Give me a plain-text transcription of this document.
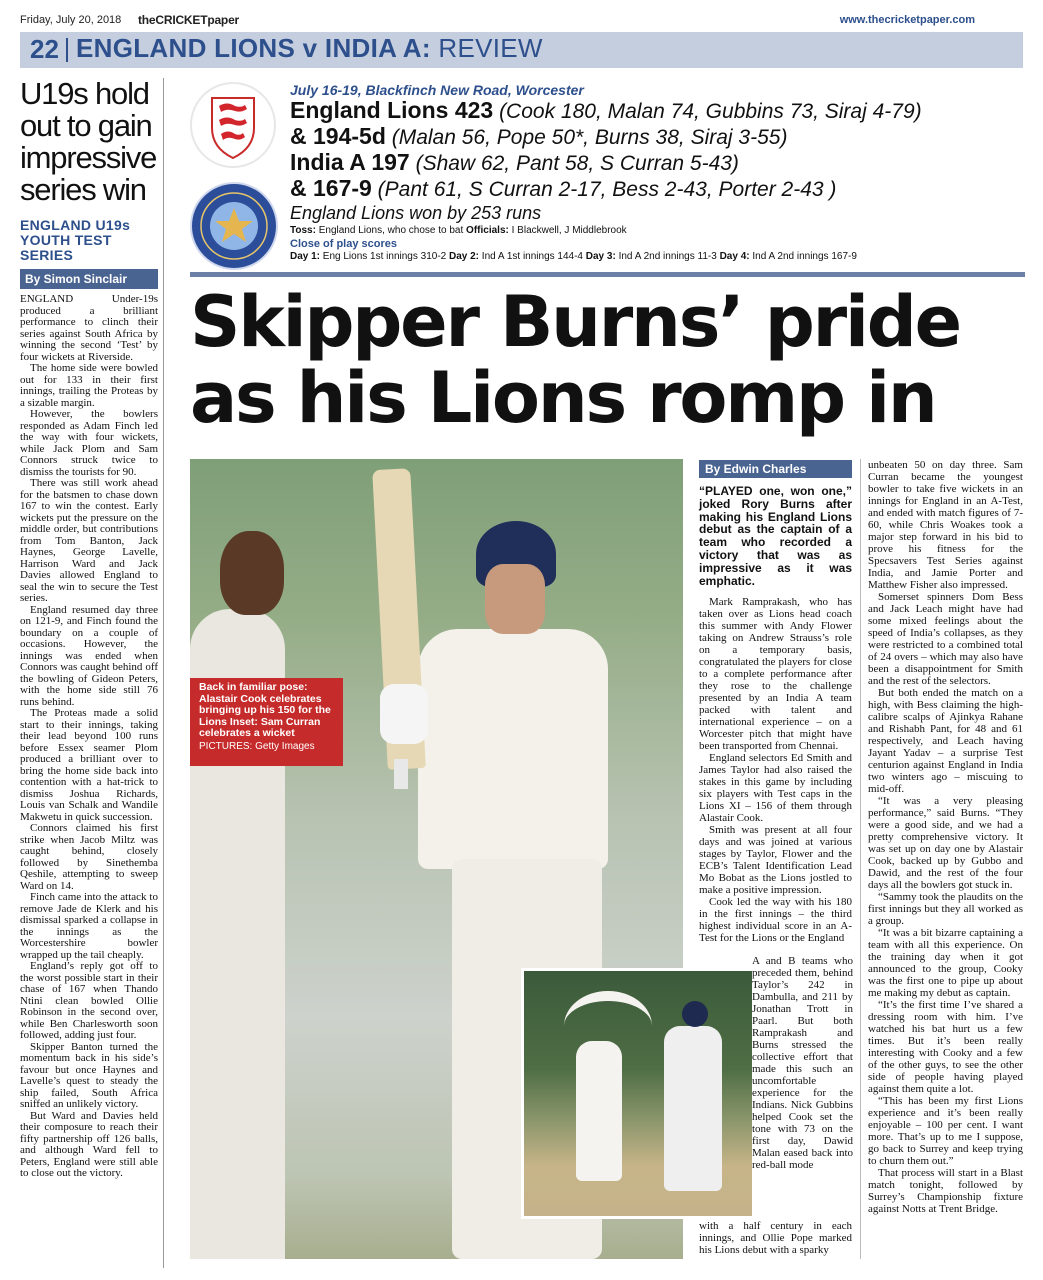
Friday, July 20, 2018 theCRICKETpaper	www.thecricketpaper.com
22 ENGLAND LIONS v INDIA A: REVIEW
U19s hold out to gain impressive series win
ENGLAND U19s YOUTH TEST SERIES
By Simon Sinclair

ENGLAND Under-19s produced a brilliant performance to clinch their series against South Africa by winning the second ‘Test’ by four wickets at Riverside.

The home side were bowled out for 133 in their first innings, trailing the Proteas by a sizable margin.

However, the bowlers responded as Adam Finch led the way with four wickets, while Jack Plom and Sam Connors struck twice to dismiss the tourists for 90.

There was still work ahead for the batsmen to chase down 167 to win the contest. Early wickets put the pressure on the middle order, but contributions from Tom Banton, Jack Haynes, George Lavelle, Harrison Ward and Jack Davies allowed England to seal the win to secure the Test series.

England resumed day three on 121-9, and Finch found the boundary on a couple of occasions. However, the innings was ended when Connors was caught behind off the bowling of Gideon Peters, with the home side still 76 runs behind.

The Proteas made a solid start to their innings, taking their lead beyond 100 runs before Essex seamer Plom produced a brilliant over to bring the home side back into contention with a hat-trick to dismiss Joshua Richards, Louis van Schalk and Wandile Makwetu in quick succession.

Connors claimed his first strike when Jacob Miltz was caught behind, closely followed by Sinethemba Qeshile, attempting to sweep Ward on 14.

Finch came into the attack to remove Jade de Klerk and his dismissal sparked a collapse in the innings as the Worcestershire bowler wrapped up the tail cheaply.

England’s reply got off to the worst possible start in their chase of 167 when Thando Ntini clean bowled Ollie Robinson in the second over, while Ben Charlesworth soon followed, adding just four.

Skipper Banton turned the momentum back in his side’s favour but once Haynes and Lavelle’s quest to steady the ship failed, South Africa sniffed an unlikely victory.

But Ward and Davies held their composure to reach their fifty partnership off 126 balls, and although Ward fell to Peters, England were still able to close out the victory.

July 16-19, Blackfinch New Road, Worcester
England Lions 423 (Cook 180, Malan 74, Gubbins 73, Siraj 4-79)
& 194-5d (Malan 56, Pope 50*, Burns 38, Siraj 3-55)
India A 197 (Shaw 62, Pant 58, S Curran 5-43)
& 167-9 (Pant 61, S Curran 2-17, Bess 2-43, Porter 2-43 )
England Lions won by 253 runs
Toss: England Lions, who chose to bat Officials: I Blackwell, J Middlebrook
Close of play scores
Day 1: Eng Lions 1st innings 310-2 Day 2: Ind A 1st innings 144-4 Day 3: Ind A 2nd innings 11-3 Day 4: Ind A 2nd innings 167-9
Skipper Burns’ pride
as his Lions romp in
Back in familiar pose: Alastair Cook celebrates bringing up his 150 for the Lions Inset: Sam Curran celebrates a wicket
PICTURES: Getty Images
By Edwin Charles
“PLAYED one, won one,” joked Rory Burns after making his England Lions debut as the captain of a team who recorded a victory that was as impressive as it was emphatic.

Mark Ramprakash, who has taken over as Lions head coach this summer with Andy Flower taking on Andrew Strauss’s role on a temporary basis, congratulated the players for close to a complete performance after they rose to the challenge presented by an India A team packed with talent and international experience – on a Worcester pitch that might have been transported from Chennai.

England selectors Ed Smith and James Taylor had also raised the stakes in this game by including six players with Test caps in the Lions XI – 156 of them through Alastair Cook.

Smith was present at all four days and was joined at various stages by Taylor, Flower and the ECB’s Talent Identification Lead Mo Bobat as the Lions jostled to make a positive impression.

Cook led the way with his 180 in the first innings – the third highest individual score in an A-Test for the Lions or the England

A and B teams who preceded them, behind Taylor’s 242 in Dambulla, and 211 by Jonathan Trott in Paarl. But both Ramprakash and Burns stressed the collective effort that made this such an uncomfortable experience for the Indians. Nick Gubbins helped Cook set the tone with 73 on the first day, Dawid Malan eased back into red-ball mode

with a half century in each innings, and Ollie Pope marked his Lions debut with a sparky

unbeaten 50 on day three. Sam Curran became the youngest bowler to take five wickets in an innings for England in an A-Test, and ended with match figures of 7-60, while Chris Woakes took a major step forward in his bid to prove his fitness for the Specsavers Test Series against India, and Jamie Porter and Matthew Fisher also impressed.

Somerset spinners Dom Bess and Jack Leach might have had some mixed feelings about the speed of India’s collapses, as they were restricted to a combined total of 24 overs – which may also have been a disappointment for Smith and the rest of the selectors.

But both ended the match on a high, with Bess claiming the high-calibre scalps of Ajinkya Rahane and Rishabh Pant, for 48 and 61 respectively, and Leach having Jayant Yadav – a surprise Test centurion against England in India two winters ago – miscuing to mid-off.

“It was a very pleasing performance,” said Burns. “They were a good side, and we had a pretty comprehensive victory. It was set up on day one by Alastair Cook, backed up by Gubbo and Dawid, and the rest of the four days all the bowlers got stuck in.

“Sammy took the plaudits on the first innings but they all worked as a group.

“It was a bit bizarre captaining a team with all this experience. On the training day when it got announced to the group, Cooky was the first one to pipe up about me making my debut as captain.

“It’s the first time I’ve shared a dressing room with him. I’ve watched his bat hurt us a few times. But it’s been really interesting with Cooky and a few of the other guys, to see the other side of people having played against them quite a lot.

“This has been my first Lions experience and it’s been really enjoyable – 100 per cent. I want more. That’s up to me I suppose, go back to Surrey and keep trying to churn them out.”

That process will start in a Blast match tonight, followed by Surrey’s Championship fixture against Notts at Trent Bridge.
